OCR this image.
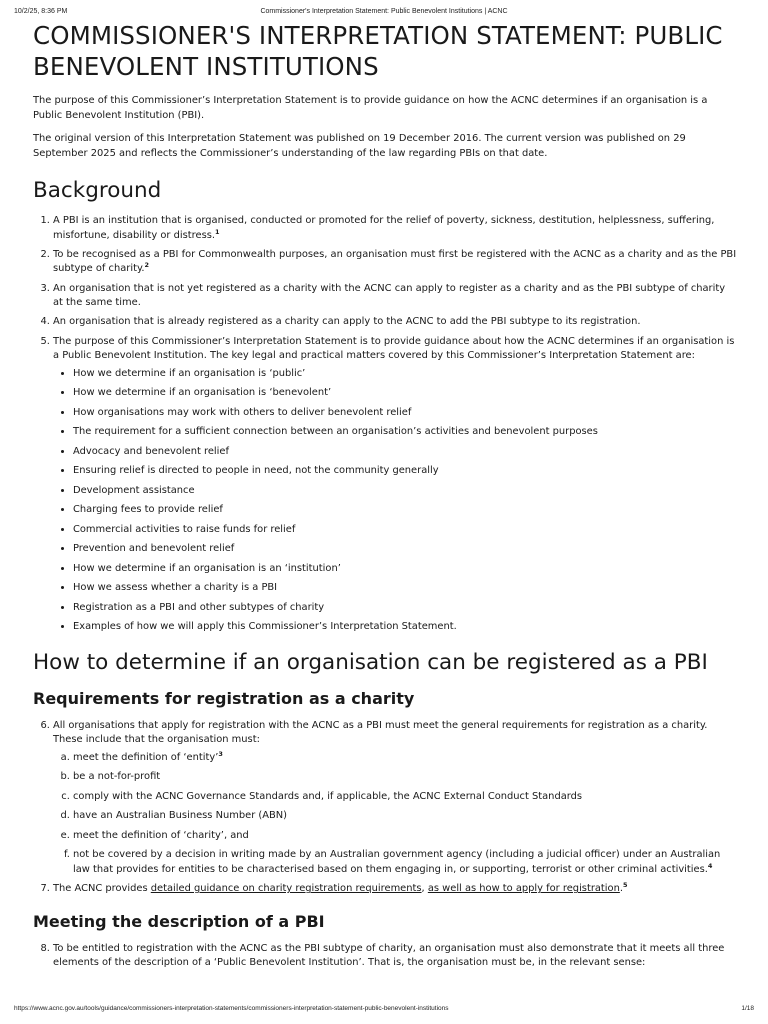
10/2/25, 8:36 PM	Commissioner's Interpretation Statement: Public Benevolent Institutions | ACNC
COMMISSIONER'S INTERPRETATION STATEMENT: PUBLIC BENEVOLENT INSTITUTIONS

The purpose of this Commissioner’s Interpretation Statement is to provide guidance on how the ACNC determines if an organisation is a Public Benevolent Institution (PBI).

The original version of this Interpretation Statement was published on 19 December 2016. The current version was published on 29 September 2025 and reflects the Commissioner’s understanding of the law regarding PBIs on that date.

Background
1. A PBI is an institution that is organised, conducted or promoted for the relief of poverty, sickness, destitution, helplessness, suffering, misfortune, disability or distress.$^1$
2. To be recognised as a PBI for Commonwealth purposes, an organisation must first be registered with the ACNC as a charity and as the PBI subtype of charity.$^2$
3. An organisation that is not yet registered as a charity with the ACNC can apply to register as a charity and as the PBI subtype of charity at the same time.
4. An organisation that is already registered as a charity can apply to the ACNC to add the PBI subtype to its registration.
5. The purpose of this Commissioner’s Interpretation Statement is to provide guidance about how the ACNC determines if an organisation is a Public Benevolent Institution. The key legal and practical matters covered by this Commissioner’s Interpretation Statement are:
• How we determine if an organisation is ‘public’
• How we determine if an organisation is ‘benevolent’
• How organisations may work with others to deliver benevolent relief
• The requirement for a sufficient connection between an organisation’s activities and benevolent purposes
• Advocacy and benevolent relief
• Ensuring relief is directed to people in need, not the community generally
• Development assistance
• Charging fees to provide relief
• Commercial activities to raise funds for relief
• Prevention and benevolent relief
• How we determine if an organisation is an ‘institution’
• How we assess whether a charity is a PBI
• Registration as a PBI and other subtypes of charity
• Examples of how we will apply this Commissioner’s Interpretation Statement.
How to determine if an organisation can be registered as a PBI
Requirements for registration as a charity
6. All organisations that apply for registration with the ACNC as a PBI must meet the general requirements for registration as a charity. These include that the organisation must:
a. meet the definition of ‘entity’$^3$
b. be a not-for-profit
c. comply with the ACNC Governance Standards and, if applicable, the ACNC External Conduct Standards
d. have an Australian Business Number (ABN)
e. meet the definition of ‘charity’, and
f. not be covered by a decision in writing made by an Australian government agency (including a judicial officer) under an Australian law that provides for entities to be characterised based on them engaging in, or supporting, terrorist or other criminal activities.$^4$
7. The ACNC provides detailed guidance on charity registration requirements, as well as how to apply for registration.$^5$
Meeting the description of a PBI
8. To be entitled to registration with the ACNC as the PBI subtype of charity, an organisation must also demonstrate that it meets all three elements of the description of a ‘Public Benevolent Institution’. That is, the organisation must be, in the relevant sense:
https://www.acnc.gov.au/tools/guidance/commissioners-interpretation-statements/commissioners-interpretation-statement-public-benevolent-institutions	1/18
